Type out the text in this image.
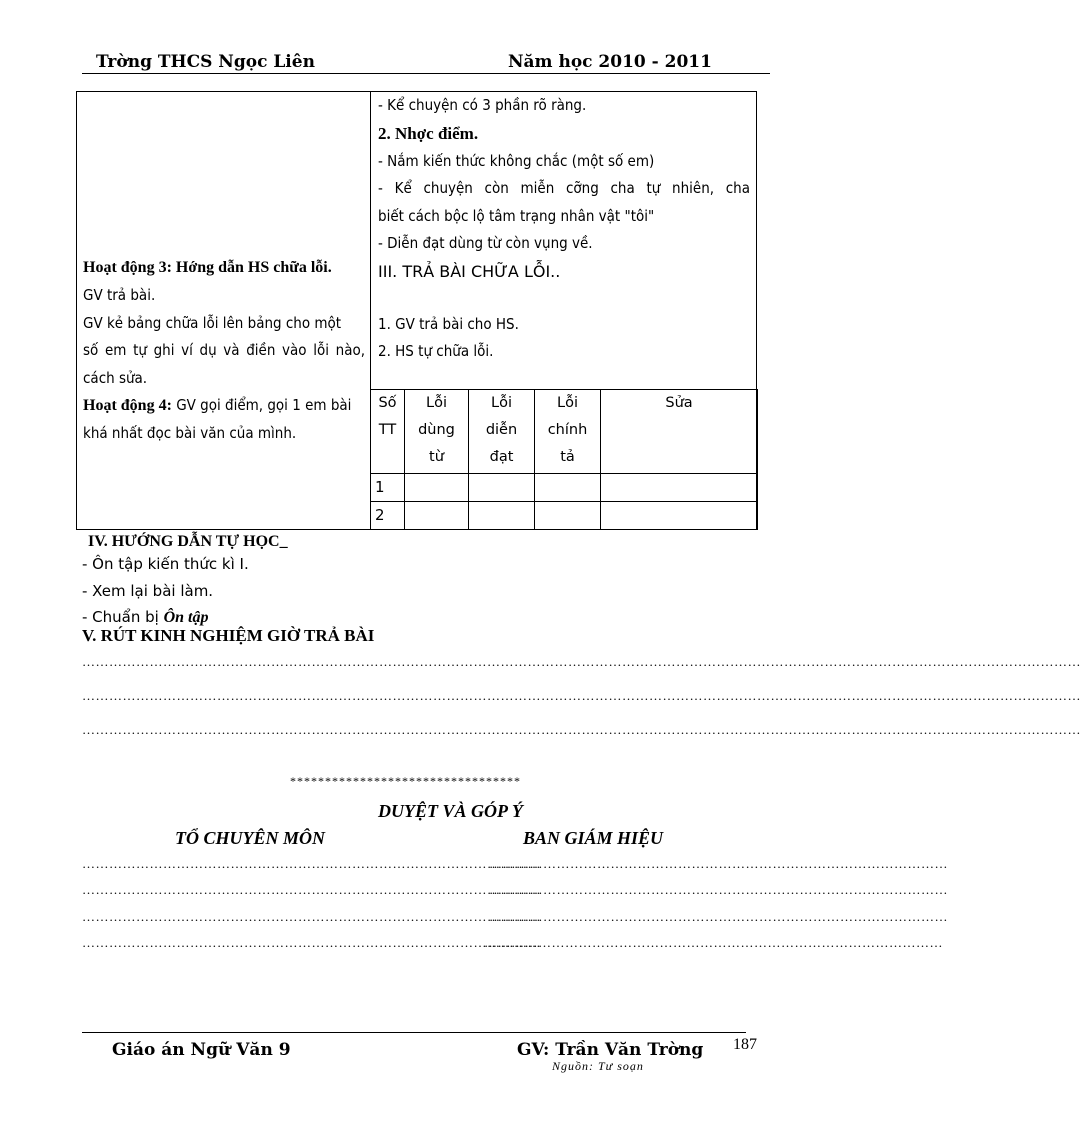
Trờng THCS Ngọc Liên	Năm học 2010 - 2011
Hoạt động 3: Hớng dẫn HS chữa lỗi.
GV trả bài.
GV kẻ bảng chữa lỗi lên bảng cho một
số em tự ghi ví dụ và điền vào lỗi nào, cách sửa.
Hoạt động 4: GV gọi điểm, gọi 1 em bài khá nhất đọc bài văn của mình.

- Kể chuyện có 3 phần rõ ràng.
2. Nhợc điểm.
- Nắm kiến thức không chắc (một số em)
- Kể chuyện còn miễn cỡng cha tự nhiên, cha
biết cách bộc lộ tâm trạng nhân vật "tôi"
- Diễn đạt dùng từ còn vụng về.
III. TRẢ BÀI CHỮA LỖI..
1. GV trả bài cho HS.
2. HS tự chữa lỗi.
Số TT	Lỗi dùng từ	Lỗi diễn đạt	Lỗi chính tả	Sửa
1				
2				
IV. HƯỚNG DẪN TỰ HỌC_
- Ôn tập kiến thức kì I.
- Xem lại bài làm.
- Chuẩn bị Ôn tập
V. RÚT KINH NGHIỆM GIỜ TRẢ BÀI
……………………………………………………………………………………………………………………………………………………………………………………………………
……………………………………………………………………………………………………………………………………………………………………………………………………
……………………………………………………………………………………………………………………………………………………………………………………………………
*********************************
DUYỆT VÀ GÓP Ý
TỔ CHUYÊN MÔN	BAN GIÁM HIỆU
…………………………………………………………………………………………
…………………………………………………………………………………………
…………………………………………………………………………………………
…………………………………………………………………………………………
…………………………………………………………………………………………
…………………………………………………………………………………………
…………………………………………………………………………………………
…………………………………………………………………………………………
Giáo án Ngữ Văn 9	GV: Trần Văn Trờng 187
Nguồn: Tư soạn
